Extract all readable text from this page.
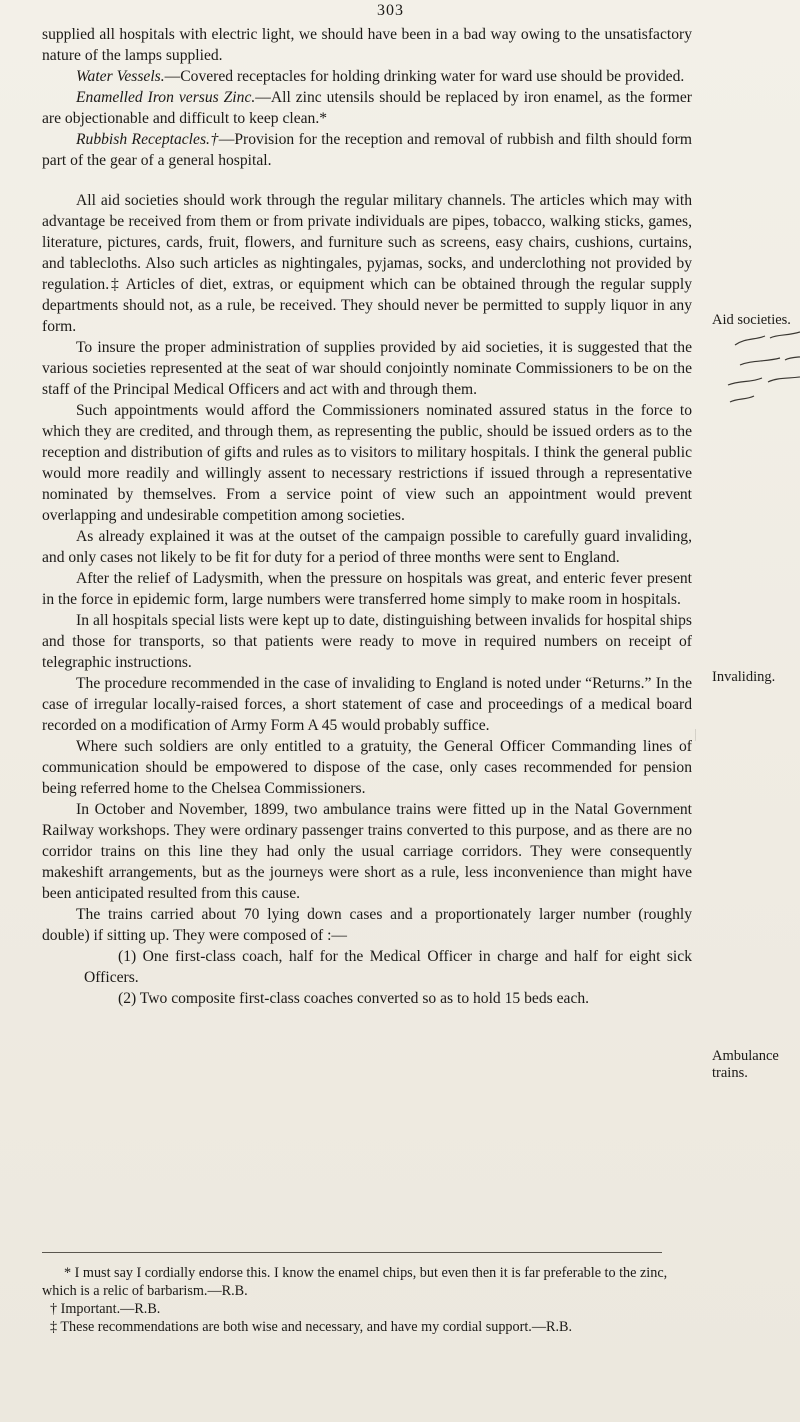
303

supplied all hospitals with electric light, we should have been in a bad way owing to the unsatisfactory nature of the lamps supplied.

Water Vessels.—Covered receptacles for holding drinking water for ward use should be provided.

Enamelled Iron versus Zinc.—All zinc utensils should be replaced by iron enamel, as the former are objectionable and difficult to keep clean.*

Rubbish Receptacles.†—Provision for the reception and removal of rubbish and filth should form part of the gear of a general hospital.

All aid societies should work through the regular military channels. The articles which may with advantage be received from them or from private individuals are pipes, tobacco, walking sticks, games, literature, pictures, cards, fruit, flowers, and furniture such as screens, easy chairs, cushions, curtains, and tablecloths. Also such articles as nightingales, pyjamas, socks, and underclothing not provided by regulation.‡ Articles of diet, extras, or equipment which can be obtained through the regular supply departments should not, as a rule, be received. They should never be permitted to supply liquor in any form.

To insure the proper administration of supplies provided by aid societies, it is suggested that the various societies represented at the seat of war should conjointly nominate Commissioners to be on the staff of the Principal Medical Officers and act with and through them.

Such appointments would afford the Commissioners nominated assured status in the force to which they are credited, and through them, as representing the public, should be issued orders as to the reception and distribution of gifts and rules as to visitors to military hospitals. I think the general public would more readily and willingly assent to necessary restrictions if issued through a representative nominated by themselves. From a service point of view such an appointment would prevent overlapping and undesirable competition among societies.

As already explained it was at the outset of the campaign possible to carefully guard invaliding, and only cases not likely to be fit for duty for a period of three months were sent to England.

After the relief of Ladysmith, when the pressure on hospitals was great, and enteric fever present in the force in epidemic form, large numbers were transferred home simply to make room in hospitals.

In all hospitals special lists were kept up to date, distinguishing between invalids for hospital ships and those for transports, so that patients were ready to move in required numbers on receipt of telegraphic instructions.

The procedure recommended in the case of invaliding to England is noted under “Returns.” In the case of irregular locally-raised forces, a short statement of case and proceedings of a medical board recorded on a modification of Army Form A 45 would probably suffice.

Where such soldiers are only entitled to a gratuity, the General Officer Commanding lines of communication should be empowered to dispose of the case, only cases recommended for pension being referred home to the Chelsea Commissioners.

In October and November, 1899, two ambulance trains were fitted up in the Natal Government Railway workshops. They were ordinary passenger trains converted to this purpose, and as there are no corridor trains on this line they had only the usual carriage corridors. They were consequently makeshift arrangements, but as the journeys were short as a rule, less inconvenience than might have been anticipated resulted from this cause.

The trains carried about 70 lying down cases and a proportionately larger number (roughly double) if sitting up. They were composed of :—

(1) One first-class coach, half for the Medical Officer in charge and half for eight sick Officers.

(2) Two composite first-class coaches converted so as to hold 15 beds each.

* I must say I cordially endorse this. I know the enamel chips, but even then it is far preferable to the zinc, which is a relic of barbarism.—R.B.

† Important.—R.B.

‡ These recommendations are both wise and necessary, and have my cordial support.—R.B.

Aid societies.
Invaliding.
Ambulance trains.
